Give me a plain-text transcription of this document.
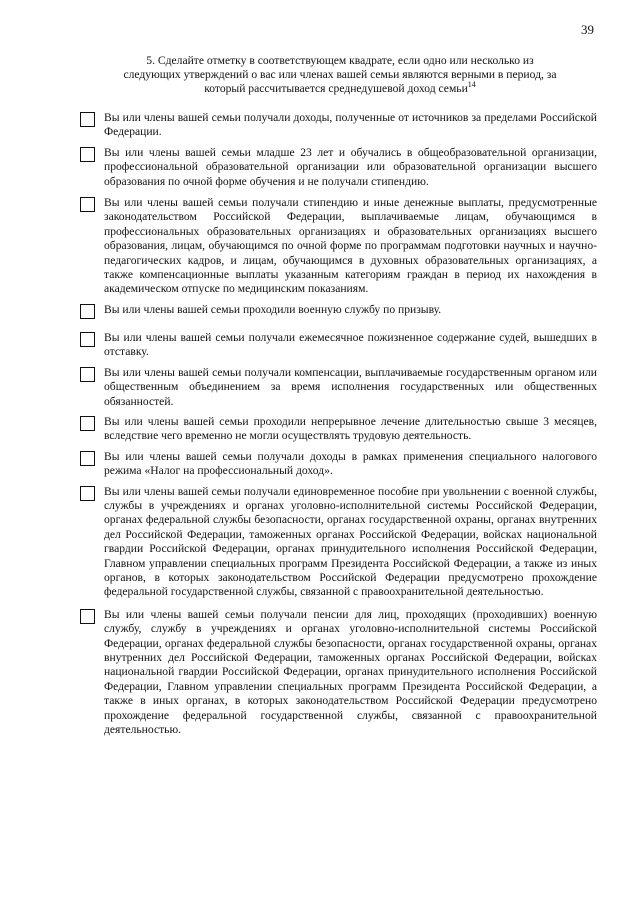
39
5. Сделайте отметку в соответствующем квадрате, если одно или несколько из следующих утверждений о вас или членах вашей семьи являются верными в период, за который рассчитывается среднедушевой доход семьи$^{14}$
Вы или члены вашей семьи получали доходы, полученные от источников за пределами Российской Федерации.
Вы или члены вашей семьи младше 23 лет и обучались в общеобразовательной организации, профессиональной образовательной организации или образовательной организации высшего образования по очной форме обучения и не получали стипендию.
Вы или члены вашей семьи получали стипендию и иные денежные выплаты, предусмотренные законодательством Российской Федерации, выплачиваемые лицам, обучающимся в профессиональных образовательных организациях и образовательных организациях высшего образования, лицам, обучающимся по очной форме по программам подготовки научных и научно-педагогических кадров, и лицам, обучающимся в духовных образовательных организациях, а также компенсационные выплаты указанным категориям граждан в период их нахождения в академическом отпуске по медицинским показаниям.
Вы или члены вашей семьи проходили военную службу по призыву.
Вы или члены вашей семьи получали ежемесячное пожизненное содержание судей, вышедших в отставку.
Вы или члены вашей семьи получали компенсации, выплачиваемые государственным органом или общественным объединением за время исполнения государственных или общественных обязанностей.
Вы или члены вашей семьи проходили непрерывное лечение длительностью свыше 3 месяцев, вследствие чего временно не могли осуществлять трудовую деятельность.
Вы или члены вашей семьи получали доходы в рамках применения специального налогового режима «Налог на профессиональный доход».
Вы или члены вашей семьи получали единовременное пособие при увольнении с военной службы, службы в учреждениях и органах уголовно-исполнительной системы Российской Федерации, органах федеральной службы безопасности, органах государственной охраны, органах внутренних дел Российской Федерации, таможенных органах Российской Федерации, войсках национальной гвардии Российской Федерации, органах принудительного исполнения Российской Федерации, Главном управлении специальных программ Президента Российской Федерации, а также из иных органов, в которых законодательством Российской Федерации предусмотрено прохождение федеральной государственной службы, связанной с правоохранительной деятельностью.
Вы или члены вашей семьи получали пенсии для лиц, проходящих (проходивших) военную службу, службу в учреждениях и органах уголовно-исполнительной системы Российской Федерации, органах федеральной службы безопасности, органах государственной охраны, органах внутренних дел Российской Федерации, таможенных органах Российской Федерации, войсках национальной гвардии Российской Федерации, органах принудительного исполнения Российской Федерации, Главном управлении специальных программ Президента Российской Федерации, а также в иных органах, в которых законодательством Российской Федерации предусмотрено прохождение федеральной государственной службы, связанной с правоохранительной деятельностью.
